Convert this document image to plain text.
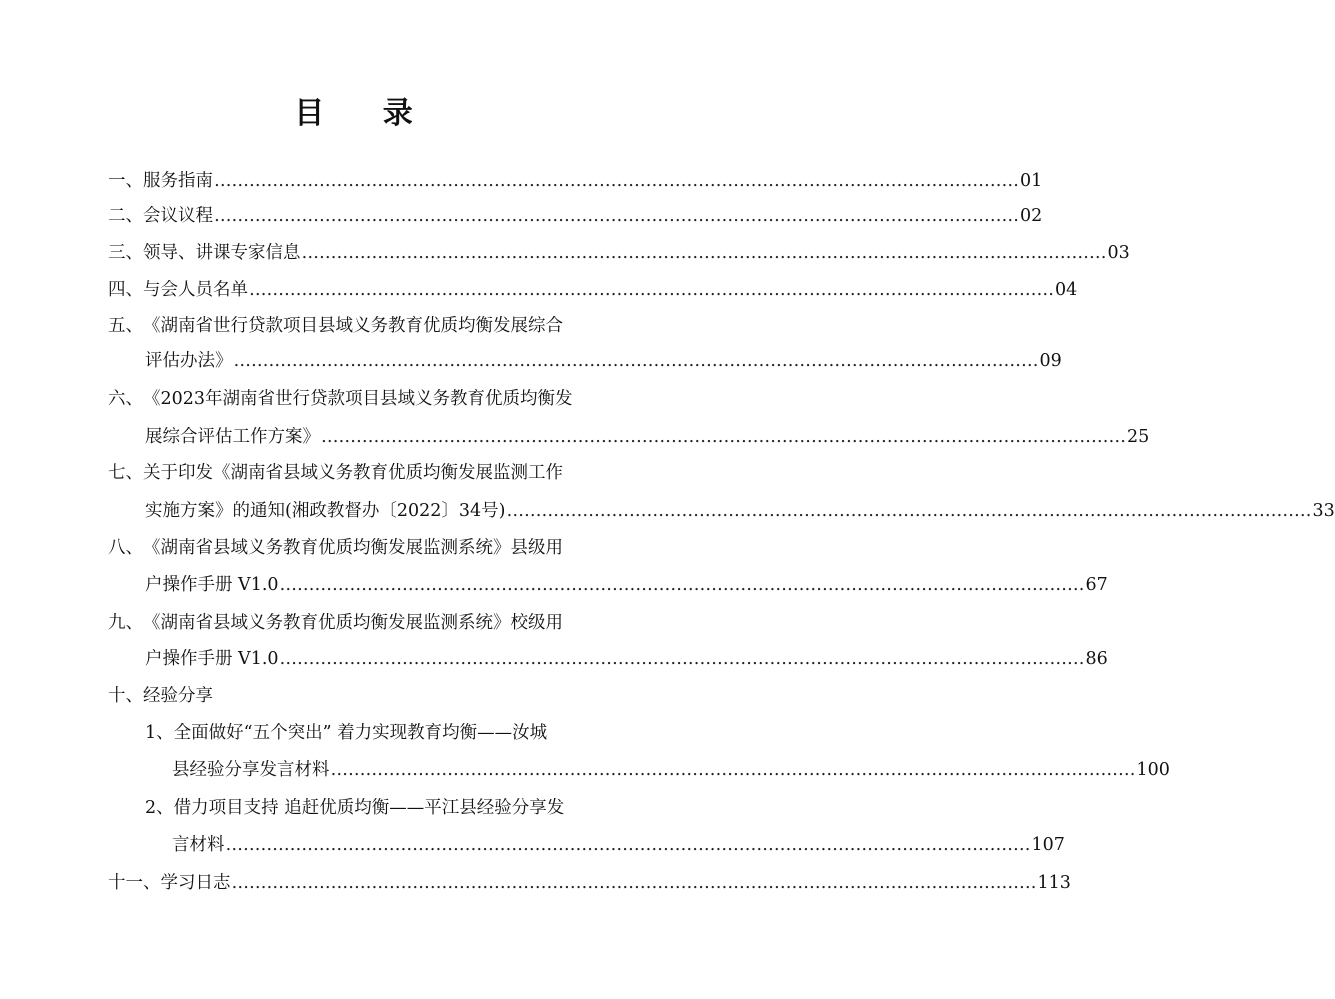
目 录
一、 服务指南 ………………………………………………………………………………………………………………………… 01
二、 会议议程 ………………………………………………………………………………………………………………………… 02
三、 领导、讲课专家信息 ………………………………………………………………………………………………………………………… 03
四、 与会人员名单 ………………………………………………………………………………………………………………………… 04
五、 《湖南省世行贷款项目县域义务教育优质均衡发展综合
评估办法》 ………………………………………………………………………………………………………………………… 09
六、 《2023年湖南省世行贷款项目县域义务教育优质均衡发
展综合评估工作方案》 ………………………………………………………………………………………………………………………… 25
七、 关于印发《湖南省县域义务教育优质均衡发展监测工作
实施方案》的通知(湘政教督办〔2022〕34号) ………………………………………………………………………………………………………………………… 33
八、 《湖南省县域义务教育优质均衡发展监测系统》县级用
户操作手册 V1.0 ………………………………………………………………………………………………………………………… 67
九、 《湖南省县域义务教育优质均衡发展监测系统》校级用
户操作手册 V1.0 ………………………………………………………………………………………………………………………… 86
十、 经验分享
1、 全面做好“五个突出” 着力实现教育均衡——汝城
县经验分享发言材料 ………………………………………………………………………………………………………………………… 100
2、 借力项目支持 追赶优质均衡——平江县经验分享发
言材料 ………………………………………………………………………………………………………………………… 107
十一、 学习日志 ………………………………………………………………………………………………………………………… 113
